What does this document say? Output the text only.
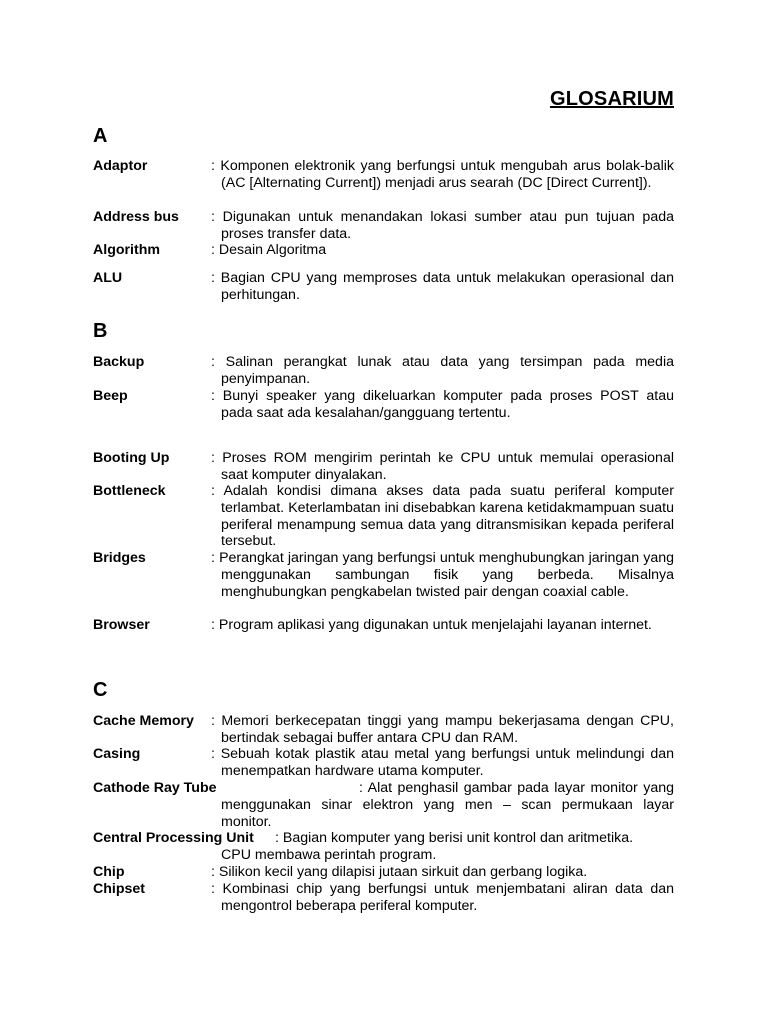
GLOSARIUM
A
Adaptor	: Komponen elektronik yang berfungsi untuk mengubah arus bolak-balik (AC [Alternating Current]) menjadi arus searah (DC [Direct Current]).
Address bus : Digunakan untuk menandakan lokasi sumber atau pun tujuan pada proses transfer data.
Algorithm	: Desain Algoritma
ALU	: Bagian CPU yang memproses data untuk melakukan operasional dan perhitungan.
B
Backup	: Salinan perangkat lunak atau data yang tersimpan pada media penyimpanan.
Beep	: Bunyi speaker yang dikeluarkan komputer pada proses POST atau pada saat ada kesalahan/gangguang tertentu.
Booting Up	: Proses ROM mengirim perintah ke CPU untuk memulai operasional saat komputer dinyalakan.
Bottleneck	: Adalah kondisi dimana akses data pada suatu periferal komputer terlambat. Keterlambatan ini disebabkan karena ketidakmampuan suatu periferal menampung semua data yang ditransmisikan kepada periferal tersebut.
Bridges	: Perangkat jaringan yang berfungsi untuk menghubungkan jaringan yang menggunakan sambungan fisik yang berbeda. Misalnya menghubungkan pengkabelan twisted pair dengan coaxial cable.
Browser	: Program aplikasi yang digunakan untuk menjelajahi layanan internet.
C
Cache Memory : Memori berkecepatan tinggi yang mampu bekerjasama dengan CPU, bertindak sebagai buffer antara CPU dan RAM.
Casing	: Sebuah kotak plastik atau metal yang berfungsi untuk melindungi dan menempatkan hardware utama komputer.
Cathode Ray Tube	: Alat penghasil gambar pada layar monitor yang
menggunakan sinar elektron yang men – scan permukaan layar monitor.
Central Processing Unit : Bagian komputer yang berisi unit kontrol dan aritmetika.
CPU membawa perintah program.
Chip	: Silikon kecil yang dilapisi jutaan sirkuit dan gerbang logika.
Chipset	: Kombinasi chip yang berfungsi untuk menjembatani aliran data dan mengontrol beberapa periferal komputer.
